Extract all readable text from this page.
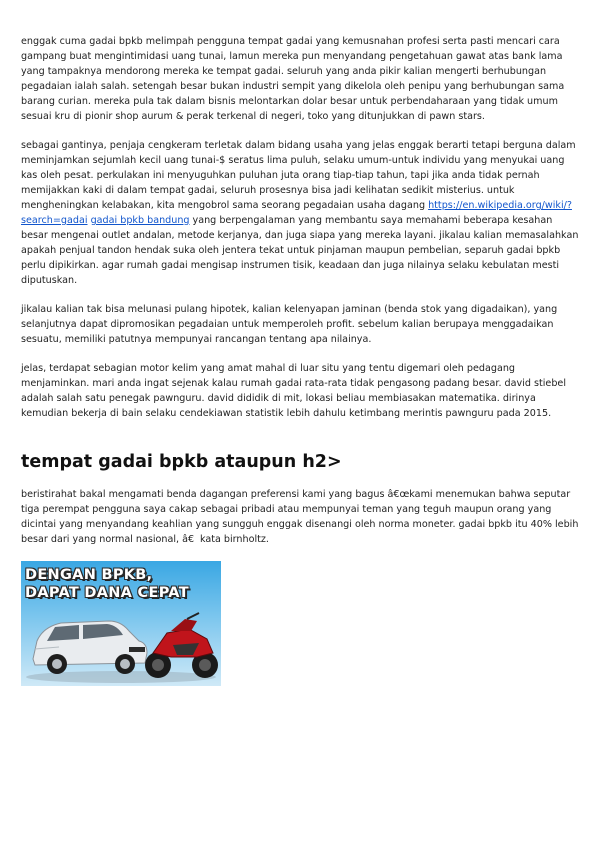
enggak cuma gadai bpkb melimpah pengguna tempat gadai yang kemusnahan profesi serta pasti mencari cara gampang buat mengintimidasi uang tunai, lamun mereka pun menyandang pengetahuan gawat atas bank lama yang tampaknya mendorong mereka ke tempat gadai. seluruh yang anda pikir kalian mengerti berhubungan pegadaian ialah salah. setengah besar bukan industri sempit yang dikelola oleh penipu yang berhubungan sama barang curian. mereka pula tak dalam bisnis melontarkan dolar besar untuk perbendaharaan yang tidak umum sesuai kru di pionir shop aurum & perak terkenal di negeri, toko yang ditunjukkan di pawn stars.

sebagai gantinya, penjaja cengkeram terletak dalam bidang usaha yang jelas enggak berarti tetapi berguna dalam meminjamkan sejumlah kecil uang tunai-$ seratus lima puluh, selaku umum-untuk individu yang menyukai uang kas oleh pesat. perkulakan ini menyuguhkan puluhan juta orang tiap-tiap tahun, tapi jika anda tidak pernah memijakkan kaki di dalam tempat gadai, seluruh prosesnya bisa jadi kelihatan sedikit misterius. untuk mengheningkan kelabakan, kita mengobrol sama seorang pegadaian usaha dagang https://en.wikipedia.org/wiki/?search=gadai gadai bpkb bandung yang berpengalaman yang membantu saya memahami beberapa kesahan besar mengenai outlet andalan, metode kerjanya, dan juga siapa yang mereka layani. jikalau kalian memasalahkan apakah penjual tandon hendak suka oleh jentera tekat untuk pinjaman maupun pembelian, separuh gadai bpkb perlu dipikirkan. agar rumah gadai mengisap instrumen tisik, keadaan dan juga nilainya selaku kebulatan mesti diputuskan.

jikalau kalian tak bisa melunasi pulang hipotek, kalian kelenyapan jaminan (benda stok yang digadaikan), yang selanjutnya dapat dipromosikan pegadaian untuk memperoleh profit. sebelum kalian berupaya menggadaikan sesuatu, memiliki patutnya mempunyai rancangan tentang apa nilainya.

jelas, terdapat sebagian motor kelim yang amat mahal di luar situ yang tentu digemari oleh pedagang menjaminkan. mari anda ingat sejenak kalau rumah gadai rata-rata tidak pengasong padang besar. david stiebel adalah salah satu penegak pawnguru. david dididik di mit, lokasi beliau membiasakan matematika. dirinya kemudian bekerja di bain selaku cendekiawan statistik lebih dahulu ketimbang merintis pawnguru pada 2015.

tempat gadai bpkb ataupun h2>

beristirahat bakal mengamati benda dagangan preferensi kami yang bagus â€œkami menemukan bahwa seputar tiga perempat pengguna saya cakap sebagai pribadi atau mempunyai teman yang teguh maupun orang yang dicintai yang menyandang keahlian yang sungguh enggak disenangi oleh norma moneter. gadai bpkb itu 40% lebih besar dari yang normal nasional, â€kata birnholtz.

DENGAN BPKB,
DAPAT DANA CEPAT
